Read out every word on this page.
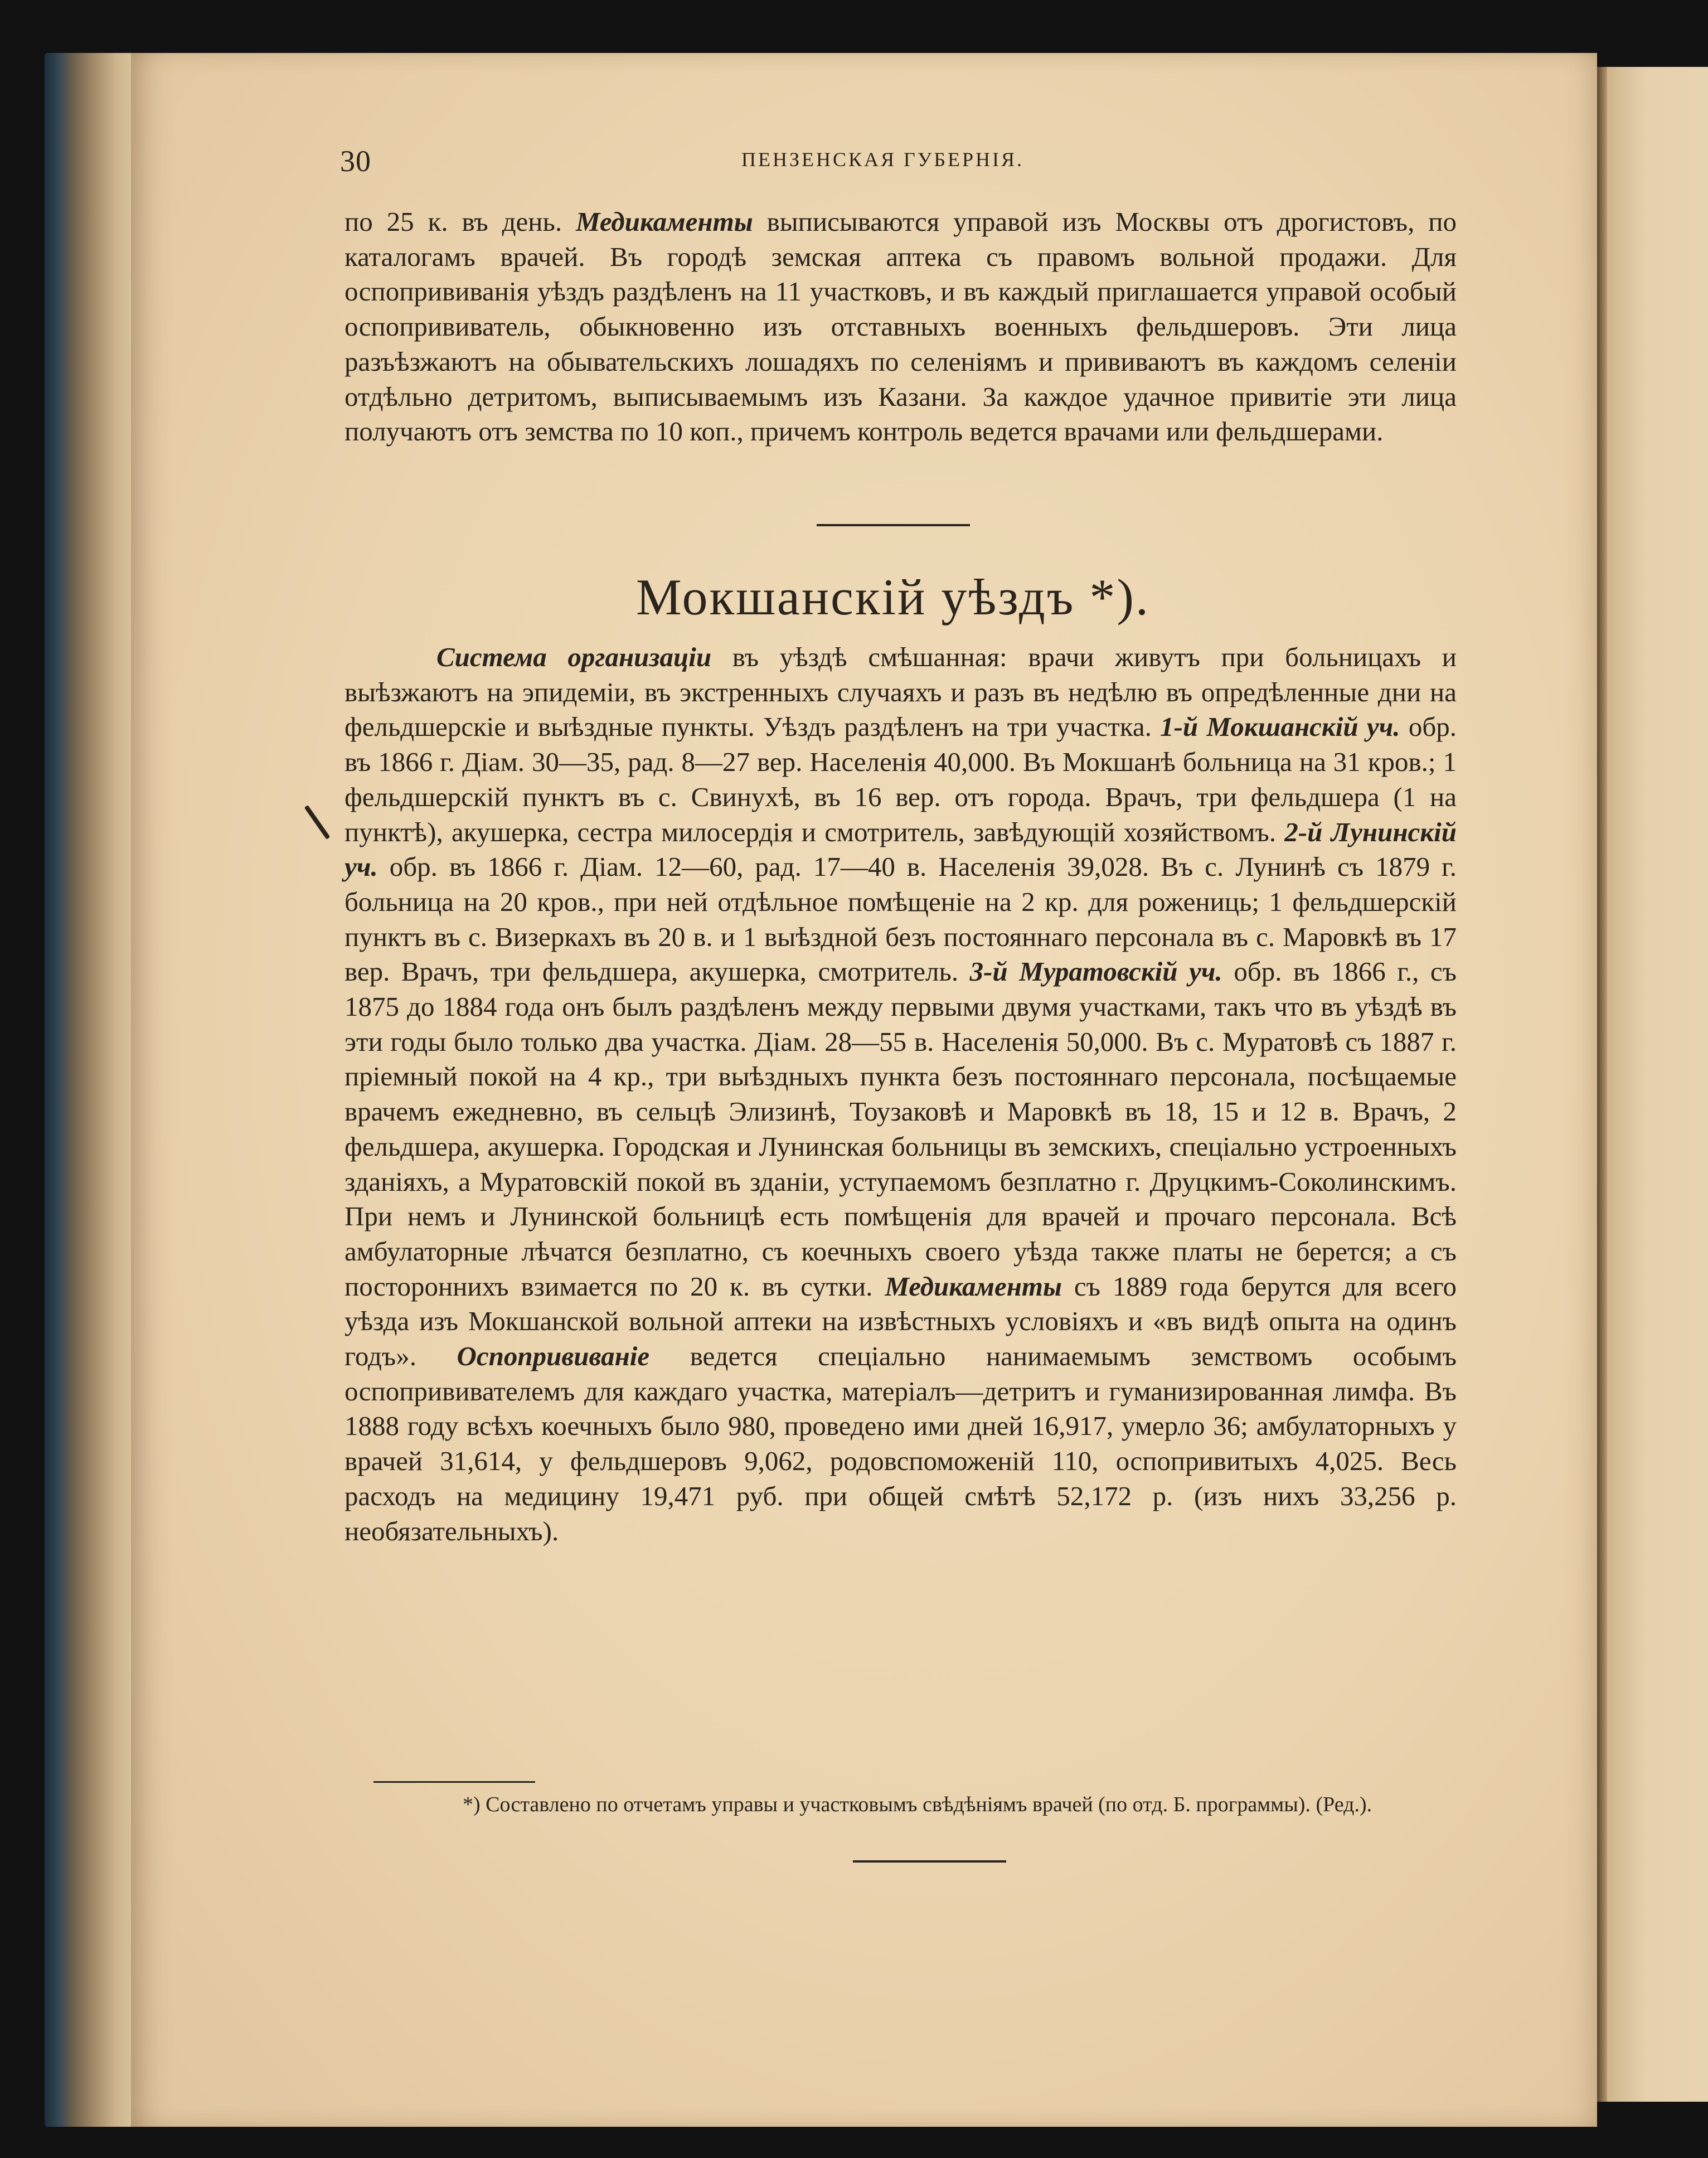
30	ПЕНЗЕНСКАЯ ГУБЕРНІЯ.

по 25 к. въ день. Медикаменты выписываются управой изъ Москвы отъ дрогистовъ, по каталогамъ врачей. Въ городѣ земская аптека съ правомъ вольной продажи. Для оспопрививанія уѣздъ раздѣленъ на 11 участковъ, и въ каждый приглашается управой особый оспопрививатель, обыкновенно изъ отставныхъ военныхъ фельдшеровъ. Эти лица разъѣзжаютъ на обывательскихъ лошадяхъ по селеніямъ и прививаютъ въ каждомъ селеніи отдѣльно детритомъ, выписываемымъ изъ Казани. За каждое удачное привитіе эти лица получаютъ отъ земства по 10 коп., причемъ контроль ведется врачами или фельдшерами.

Мокшанскій уѣздъ *).

Система организаціи въ уѣздѣ смѣшанная: врачи живутъ при больницахъ и выѣзжаютъ на эпидеміи, въ экстренныхъ случаяхъ и разъ въ недѣлю въ опредѣленные дни на фельдшерскіе и выѣздные пункты. Уѣздъ раздѣленъ на три участка. 1-й Мокшанскій уч. обр. въ 1866 г. Діам. 30—35, рад. 8—27 вер. Населенія 40,000. Въ Мокшанѣ больница на 31 кров.; 1 фельдшерскій пунктъ въ с. Свинухѣ, въ 16 вер. отъ города. Врачъ, три фельдшера (1 на пунктѣ), акушерка, сестра милосердія и смотритель, завѣдующій хозяйствомъ. 2-й Лунинскій уч. обр. въ 1866 г. Діам. 12—60, рад. 17—40 в. Населенія 39,028. Въ с. Лунинѣ съ 1879 г. больница на 20 кров., при ней отдѣльное помѣщеніе на 2 кр. для рожениць; 1 фельдшерскій пунктъ въ с. Визеркахъ въ 20 в. и 1 выѣздной безъ постояннаго персонала въ с. Маровкѣ въ 17 вер. Врачъ, три фельдшера, акушерка, смотритель. 3-й Муратовскій уч. обр. въ 1866 г., съ 1875 до 1884 года онъ былъ раздѣленъ между первыми двумя участками, такъ что въ уѣздѣ въ эти годы было только два участка. Діам. 28—55 в. Населенія 50,000. Въ с. Муратовѣ съ 1887 г. пріемный покой на 4 кр., три выѣздныхъ пункта безъ постояннаго персонала, посѣщаемые врачемъ ежедневно, въ сельцѣ Элизинѣ, Тоузаковѣ и Маровкѣ въ 18, 15 и 12 в. Врачъ, 2 фельдшера, акушерка. Городская и Лунинская больницы въ земскихъ, спеціально устроенныхъ зданіяхъ, а Муратовскій покой въ зданіи, уступаемомъ безплатно г. Друцкимъ-Соколинскимъ. При немъ и Лунинской больницѣ есть помѣщенія для врачей и прочаго персонала. Всѣ амбулаторные лѣчатся безплатно, съ коечныхъ своего уѣзда также платы не берется; а съ постороннихъ взимается по 20 к. въ сутки. Медикаменты съ 1889 года берутся для всего уѣзда изъ Мокшанской вольной аптеки на извѣстныхъ условіяхъ и «въ видѣ опыта на одинъ годъ». Оспопрививаніе ведется спеціально нанимаемымъ земствомъ особымъ оспопрививателемъ для каждаго участка, матеріалъ—детритъ и гуманизированная лимфа. Въ 1888 году всѣхъ коечныхъ было 980, проведено ими дней 16,917, умерло 36; амбулаторныхъ у врачей 31,614, у фельдшеровъ 9,062, родовспоможеній 110, оспопривитыхъ 4,025. Весь расходъ на медицину 19,471 руб. при общей смѣтѣ 52,172 р. (изъ нихъ 33,256 р. необязательныхъ).

*) Составлено по отчетамъ управы и участковымъ свѣдѣніямъ врачей (по отд. Б. программы). (Ред.).
